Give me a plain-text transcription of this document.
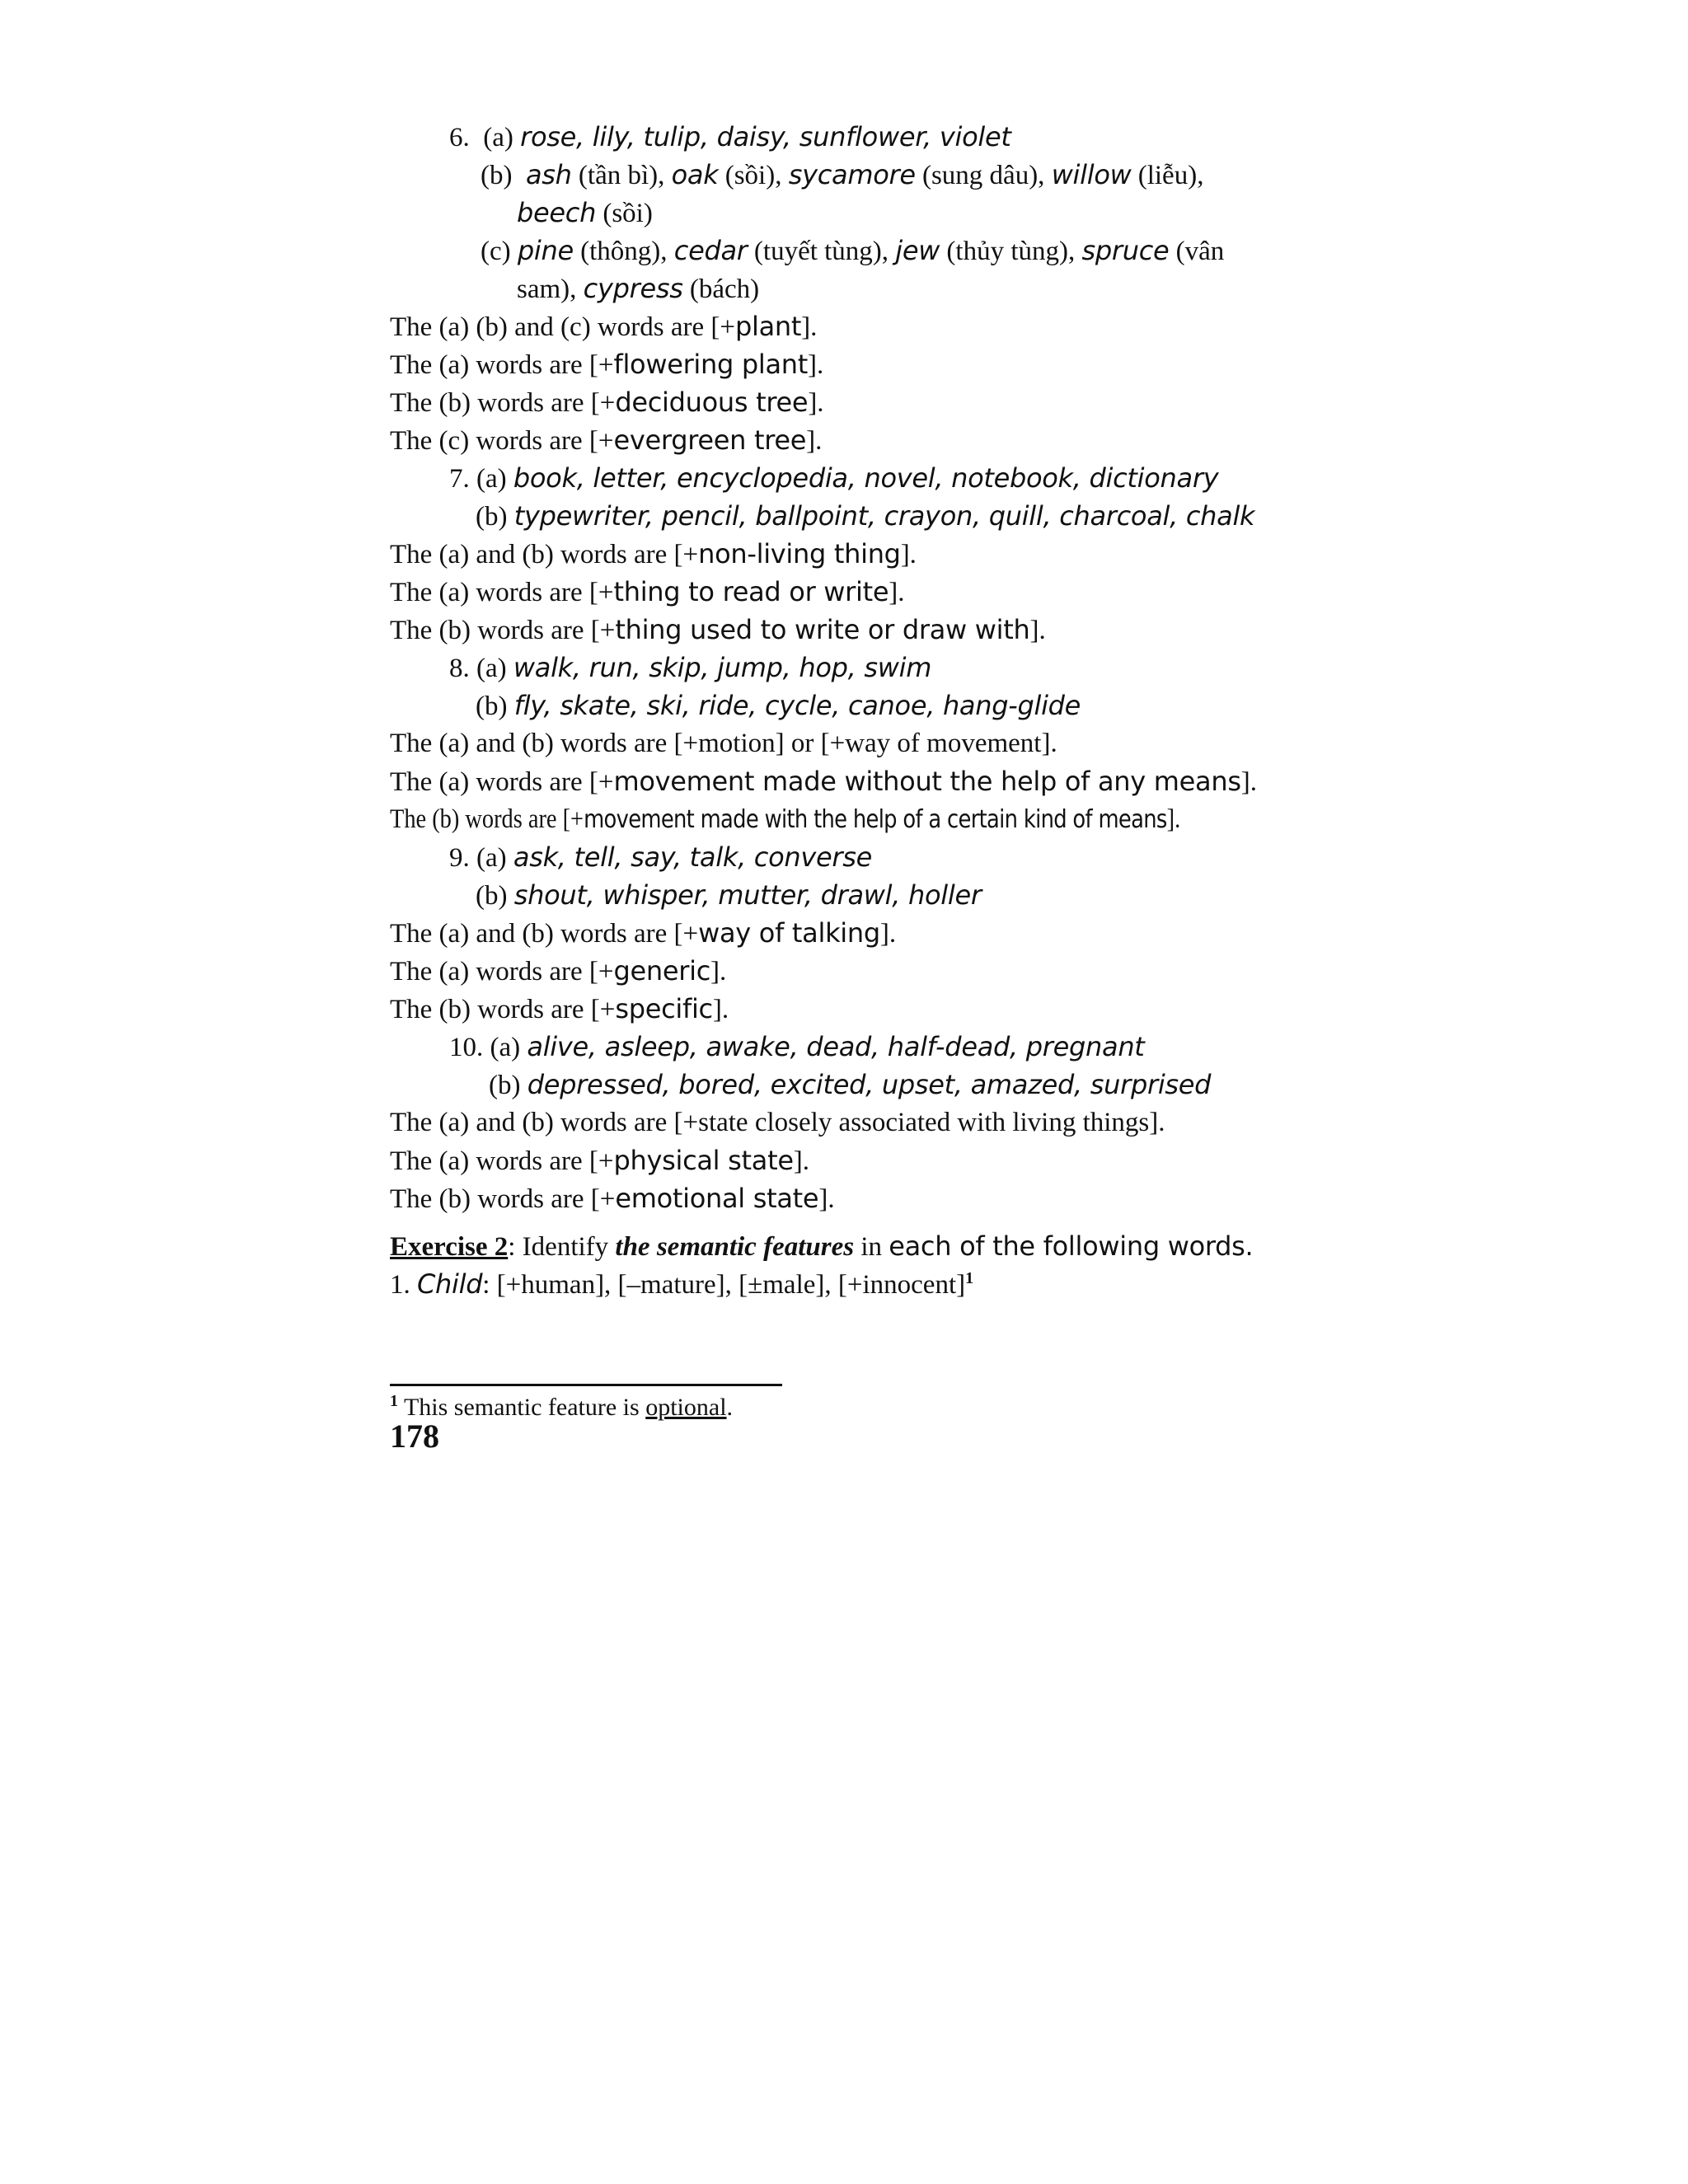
6. (a) rose, lily, tulip, daisy, sunflower, violet
(b) ash (tần bì), oak (sồi), sycamore (sung dâu), willow (liễu),
beech (sồi)
(c) pine (thông), cedar (tuyết tùng), jew (thủy tùng), spruce (vân
sam), cypress (bách)
The (a) (b) and (c) words are [+plant].
The (a) words are [+flowering plant].
The (b) words are [+deciduous tree].
The (c) words are [+evergreen tree].
7. (a) book, letter, encyclopedia, novel, notebook, dictionary
(b) typewriter, pencil, ballpoint, crayon, quill, charcoal, chalk
The (a) and (b) words are [+non-living thing].
The (a) words are [+thing to read or write].
The (b) words are [+thing used to write or draw with].
8. (a) walk, run, skip, jump, hop, swim
(b) fly, skate, ski, ride, cycle, canoe, hang-glide
The (a) and (b) words are [+motion] or [+way of movement].
The (a) words are [+movement made without the help of any means].
The (b) words are [+movement made with the help of a certain kind of means].
9. (a) ask, tell, say, talk, converse
(b) shout, whisper, mutter, drawl, holler
The (a) and (b) words are [+way of talking].
The (a) words are [+generic].
The (b) words are [+specific].
10. (a) alive, asleep, awake, dead, half-dead, pregnant
(b) depressed, bored, excited, upset, amazed, surprised
The (a) and (b) words are [+state closely associated with living things].
The (a) words are [+physical state].
The (b) words are [+emotional state].
Exercise 2: Identify the semantic features in each of the following words.
1. Child: [+human], [–mature], [±male], [+innocent]$^1$
$^1$ This semantic feature is optional.
178
